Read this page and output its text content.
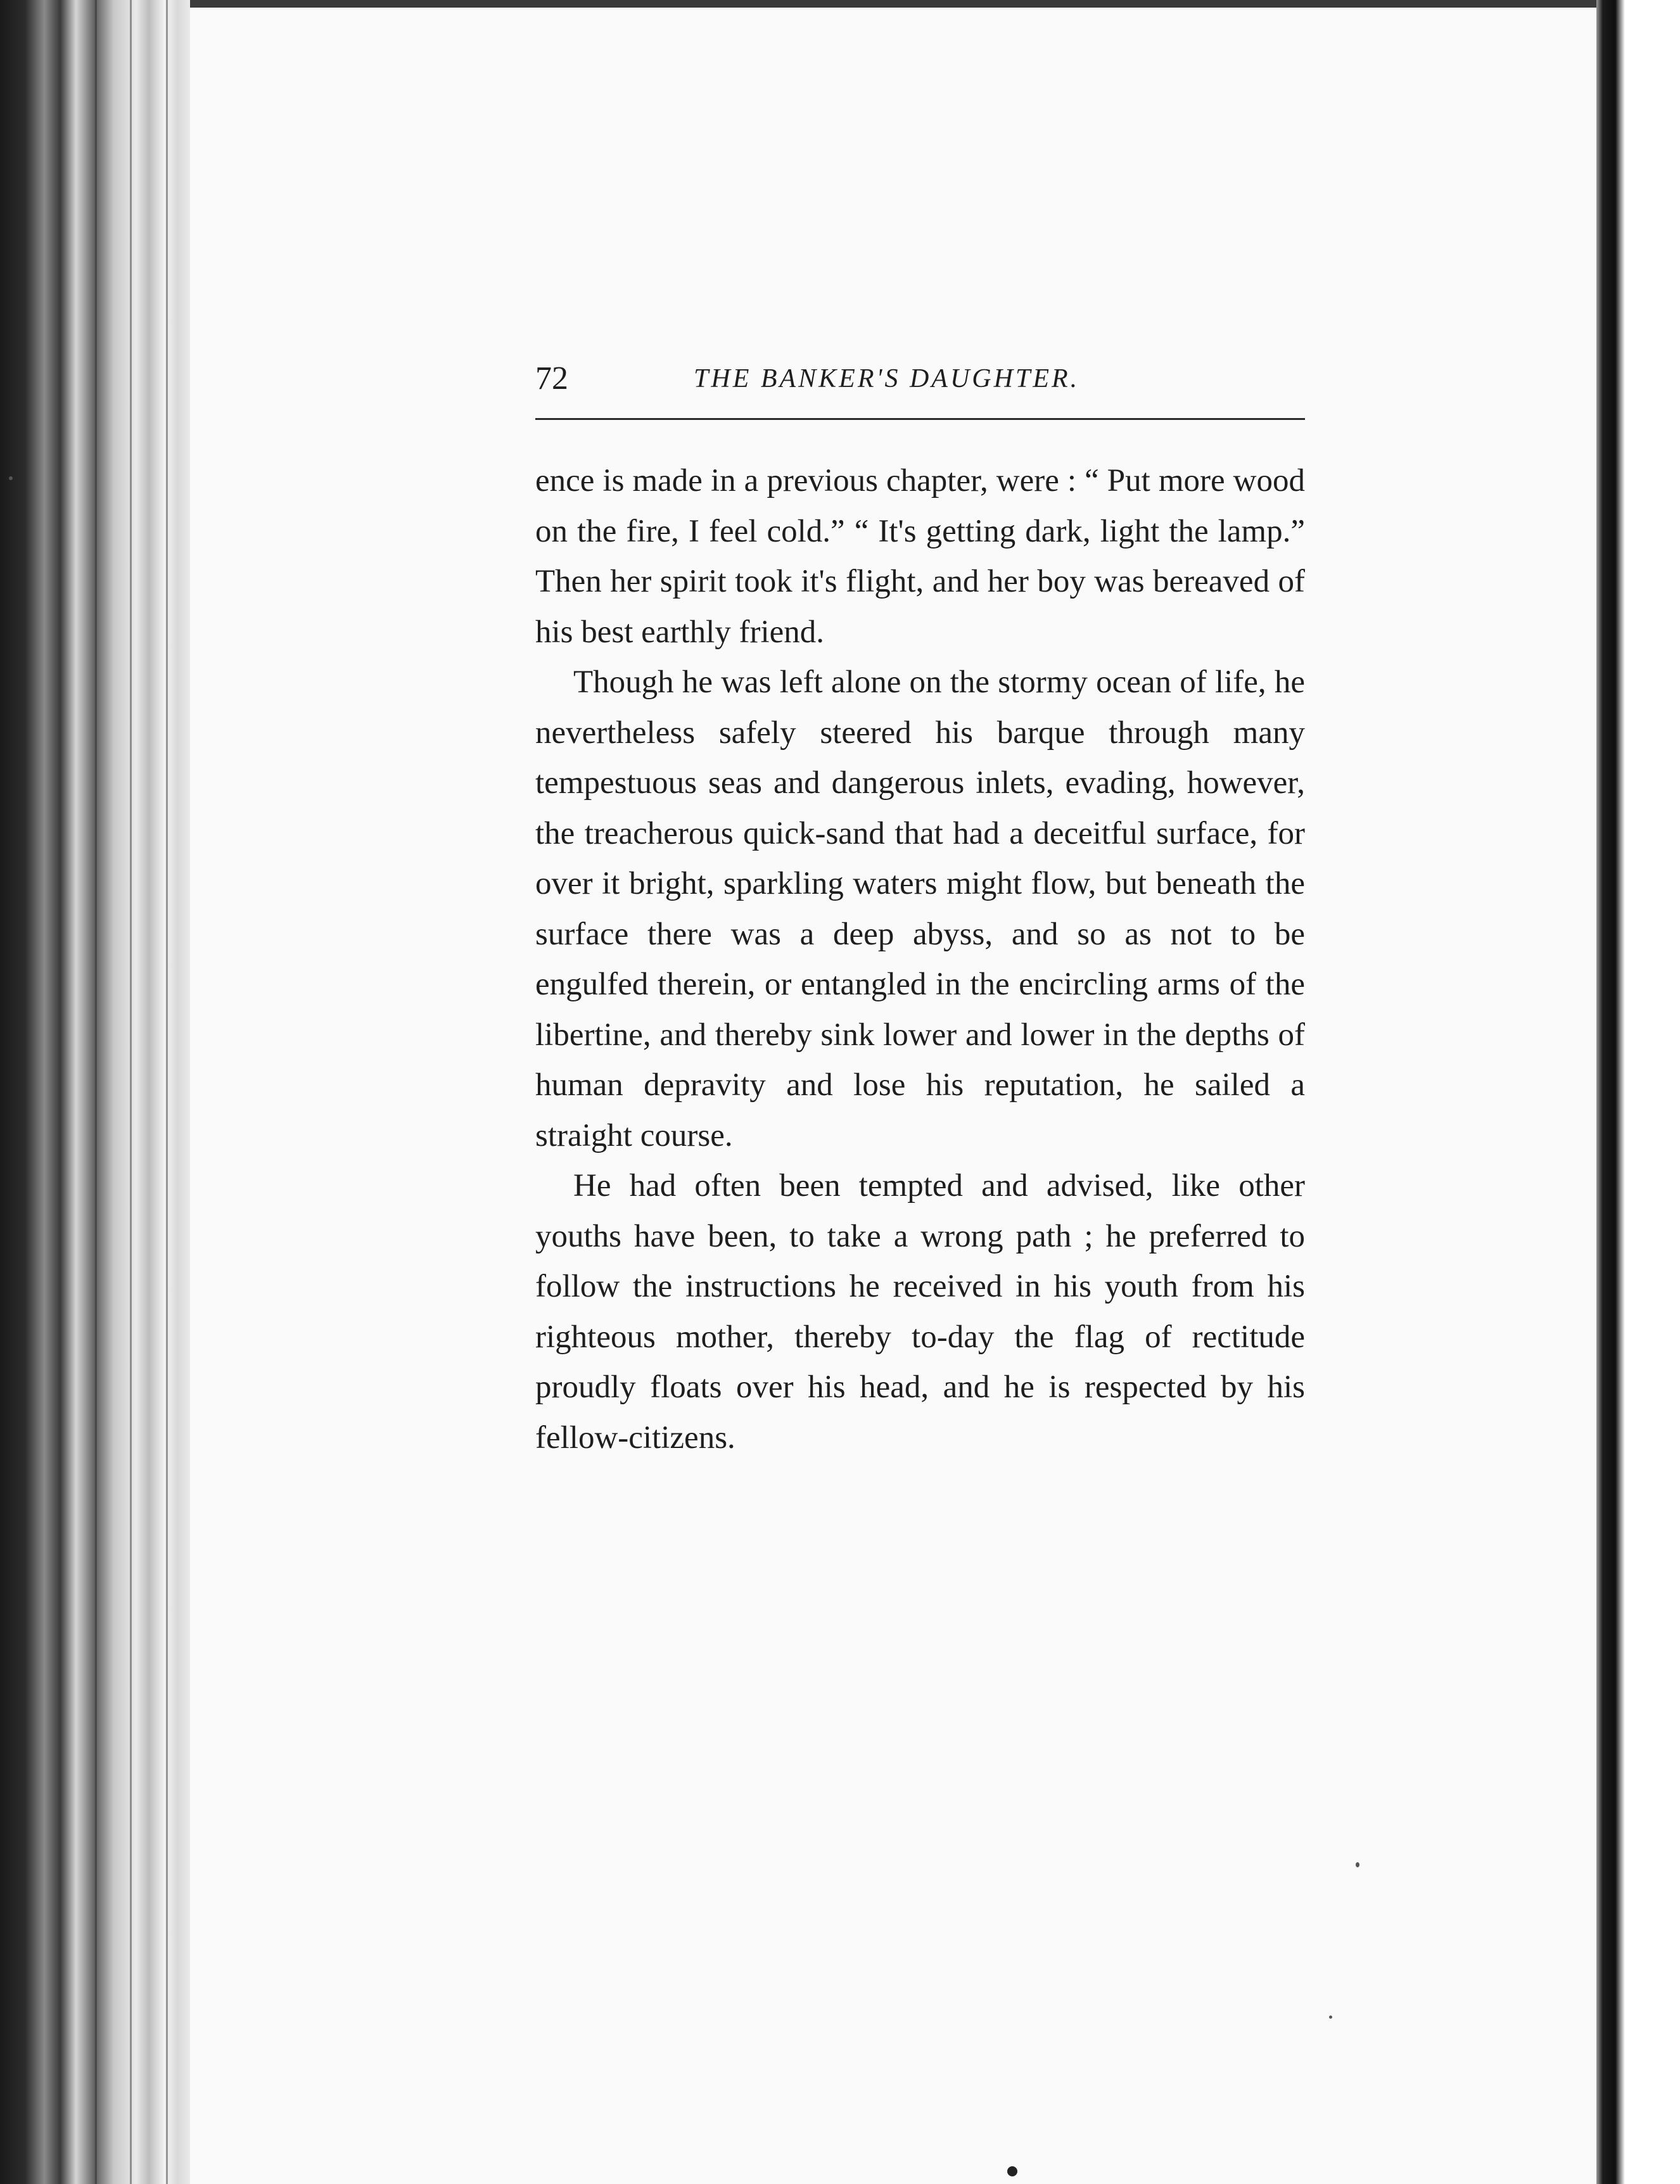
72	THE BANKER'S DAUGHTER.

ence is made in a previous chapter, were : “ Put more wood on the fire, I feel cold.” “ It's getting dark, light the lamp.” Then her spirit took it's flight, and her boy was bereaved of his best earthly friend.

Though he was left alone on the stormy ocean of life, he nevertheless safely steered his barque through many tempestuous seas and dangerous inlets, evading, however, the treacherous quick-sand that had a deceitful surface, for over it bright, sparkling waters might flow, but beneath the surface there was a deep abyss, and so as not to be engulfed therein, or entangled in the encircling arms of the libertine, and thereby sink lower and lower in the depths of human depravity and lose his reputation, he sailed a straight course.

He had often been tempted and advised, like other youths have been, to take a wrong path ; he preferred to follow the instructions he received in his youth from his righteous mother, thereby to-day the flag of rectitude proudly floats over his head, and he is respected by his fellow-citizens.
